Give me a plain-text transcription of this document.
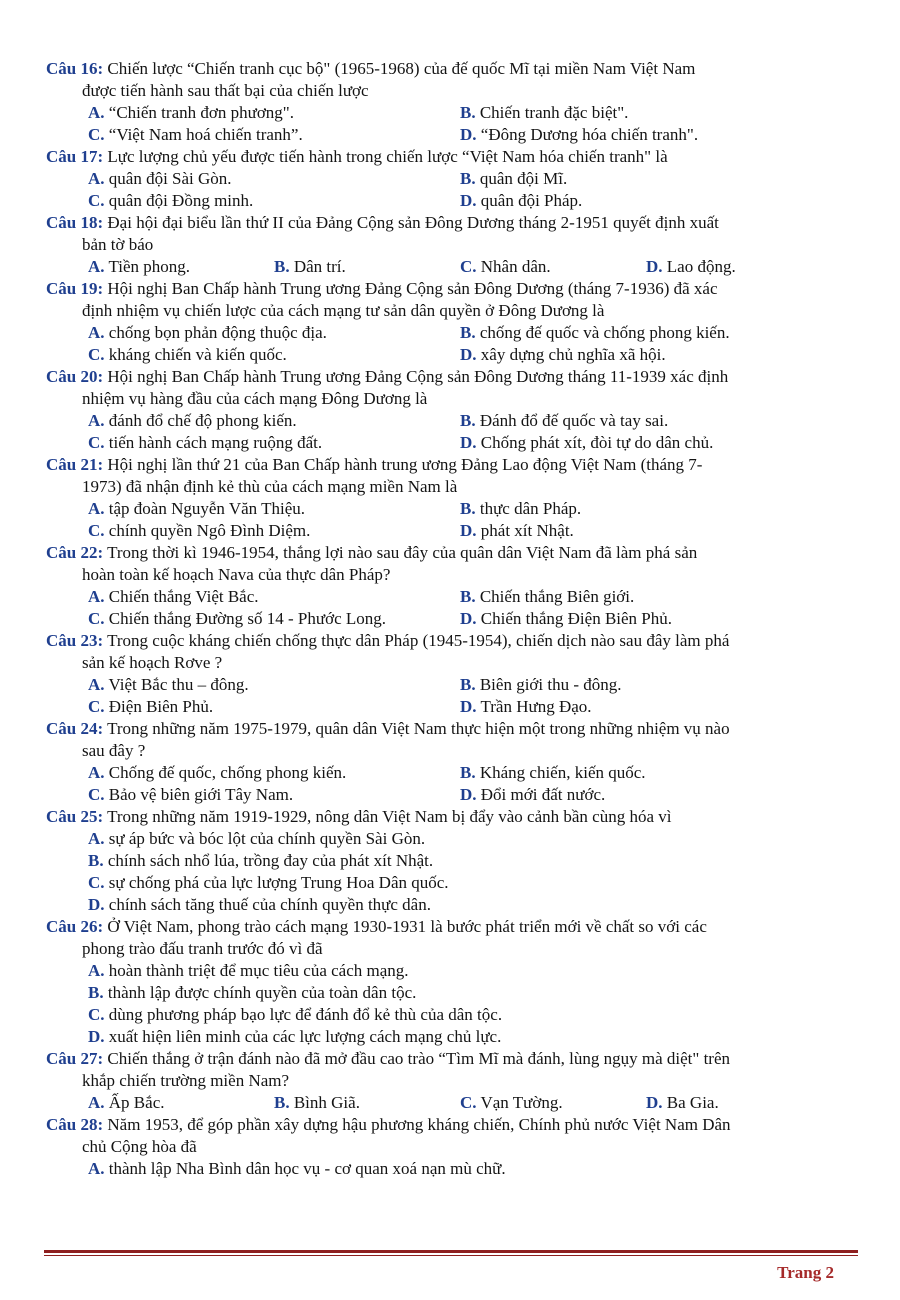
Câu 16: Chiến lược “Chiến tranh cục bộ" (1965-1968) của đế quốc Mĩ tại miền Nam Việt Nam
được tiến hành sau thất bại của chiến lược
A. “Chiến tranh đơn phương".	B. Chiến tranh đặc biệt".
C. “Việt Nam hoá chiến tranh”.	D. “Đông Dương hóa chiến tranh".
Câu 17: Lực lượng chủ yếu được tiến hành trong chiến lược “Việt Nam hóa chiến tranh" là
A. quân đội Sài Gòn.	B. quân đội Mĩ.
C. quân đội Đồng minh.	D. quân đội Pháp.
Câu 18: Đại hội đại biểu lần thứ II của Đảng Cộng sản Đông Dương tháng 2-1951 quyết định xuất
bản tờ báo
A. Tiền phong.	B. Dân trí.	C. Nhân dân.	D. Lao động.
Câu 19: Hội nghị Ban Chấp hành Trung ương Đảng Cộng sản Đông Dương (tháng 7-1936) đã xác
định nhiệm vụ chiến lược của cách mạng tư sản dân quyền ở Đông Dương là
A. chống bọn phản động thuộc địa.	B. chống đế quốc và chống phong kiến.
C. kháng chiến và kiến quốc.	D. xây dựng chủ nghĩa xã hội.
Câu 20: Hội nghị Ban Chấp hành Trung ương Đảng Cộng sản Đông Dương tháng 11-1939 xác định
nhiệm vụ hàng đầu của cách mạng Đông Dương là
A. đánh đổ chế độ phong kiến.	B. Đánh đổ đế quốc và tay sai.
C. tiến hành cách mạng ruộng đất.	D. Chống phát xít, đòi tự do dân chủ.
Câu 21: Hội nghị lần thứ 21 của Ban Chấp hành trung ương Đảng Lao động Việt Nam (tháng 7-
1973) đã nhận định kẻ thù của cách mạng miền Nam là
A. tập đoàn Nguyễn Văn Thiệu.	B. thực dân Pháp.
C. chính quyền Ngô Đình Diệm.	D. phát xít Nhật.
Câu 22: Trong thời kì 1946-1954, thắng lợi nào sau đây của quân dân Việt Nam đã làm phá sản
hoàn toàn kế hoạch Nava của thực dân Pháp?
A. Chiến thắng Việt Bắc.	B. Chiến thắng Biên giới.
C. Chiến thắng Đường số 14 - Phước Long.	D. Chiến thắng Điện Biên Phủ.
Câu 23: Trong cuộc kháng chiến chống thực dân Pháp (1945-1954), chiến dịch nào sau đây làm phá
sản kế hoạch Rơve ?
A. Việt Bắc thu – đông.	B. Biên giới thu - đông.
C. Điện Biên Phủ.	D. Trần Hưng Đạo.
Câu 24: Trong những năm 1975-1979, quân dân Việt Nam thực hiện một trong những nhiệm vụ nào
sau đây ?
A. Chống đế quốc, chống phong kiến.	B. Kháng chiến, kiến quốc.
C. Bảo vệ biên giới Tây Nam.	D. Đổi mới đất nước.
Câu 25: Trong những năm 1919-1929, nông dân Việt Nam bị đẩy vào cảnh bần cùng hóa vì
A. sự áp bức và bóc lột của chính quyền Sài Gòn.
B. chính sách nhổ lúa, trồng đay của phát xít Nhật.
C. sự chống phá của lực lượng Trung Hoa Dân quốc.
D. chính sách tăng thuế của chính quyền thực dân.
Câu 26: Ở Việt Nam, phong trào cách mạng 1930-1931 là bước phát triển mới về chất so với các
phong trào đấu tranh trước đó vì đã
A. hoàn thành triệt để mục tiêu của cách mạng.
B. thành lập được chính quyền của toàn dân tộc.
C. dùng phương pháp bạo lực để đánh đổ kẻ thù của dân tộc.
D. xuất hiện liên minh của các lực lượng cách mạng chủ lực.
Câu 27: Chiến thắng ở trận đánh nào đã mở đầu cao trào “Tìm Mĩ mà đánh, lùng ngụy mà diệt" trên
khắp chiến trường miền Nam?
A. Ấp Bắc.	B. Bình Giã.	C. Vạn Tường.	D. Ba Gia.
Câu 28: Năm 1953, để góp phần xây dựng hậu phương kháng chiến, Chính phủ nước Việt Nam Dân
chủ Cộng hòa đã
A. thành lập Nha Bình dân học vụ - cơ quan xoá nạn mù chữ.
Trang 2
